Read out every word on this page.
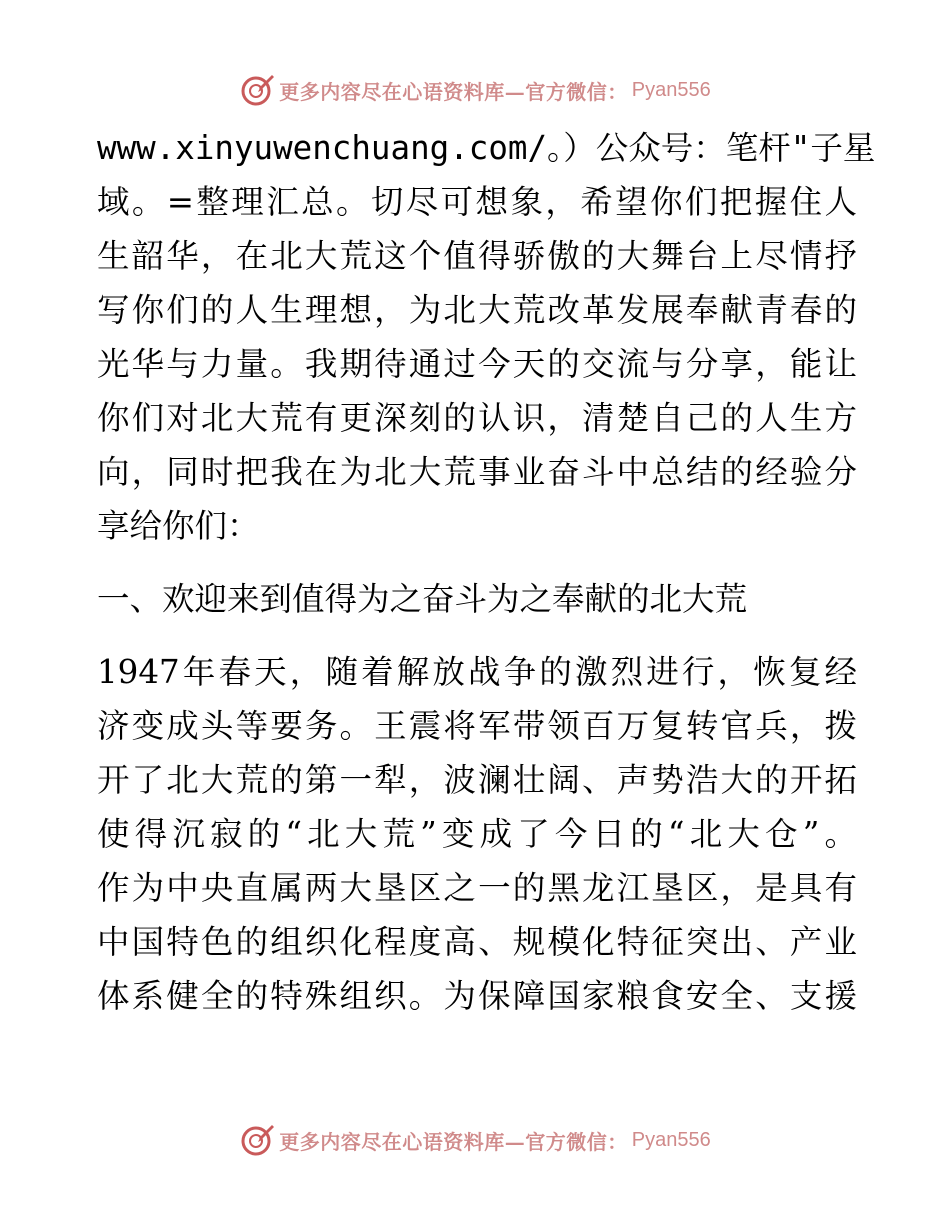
更多内容尽在心语资料库—官方微信： Pyan556
www.xinyuwenchuang.com/。）公众号：笔杆"子星
域。=整理汇总。切尽可想象，希望你们把握住人
生韶华，在北大荒这个值得骄傲的大舞台上尽情抒
写你们的人生理想，为北大荒改革发展奉献青春的
光华与力量。我期待通过今天的交流与分享，能让
你们对北大荒有更深刻的认识，清楚自己的人生方
向，同时把我在为北大荒事业奋斗中总结的经验分
享给你们：
一、欢迎来到值得为之奋斗为之奉献的北大荒
1947年春天，随着解放战争的激烈进行，恢复经
济变成头等要务。王震将军带领百万复转官兵，拨
开了北大荒的第一犁，波澜壮阔、声势浩大的开拓
使得沉寂的“北大荒”变成了今日的“北大仓”。
作为中央直属两大垦区之一的黑龙江垦区，是具有
中国特色的组织化程度高、规模化特征突出、产业
体系健全的特殊组织。为保障国家粮食安全、支援
更多内容尽在心语资料库—官方微信： Pyan556
